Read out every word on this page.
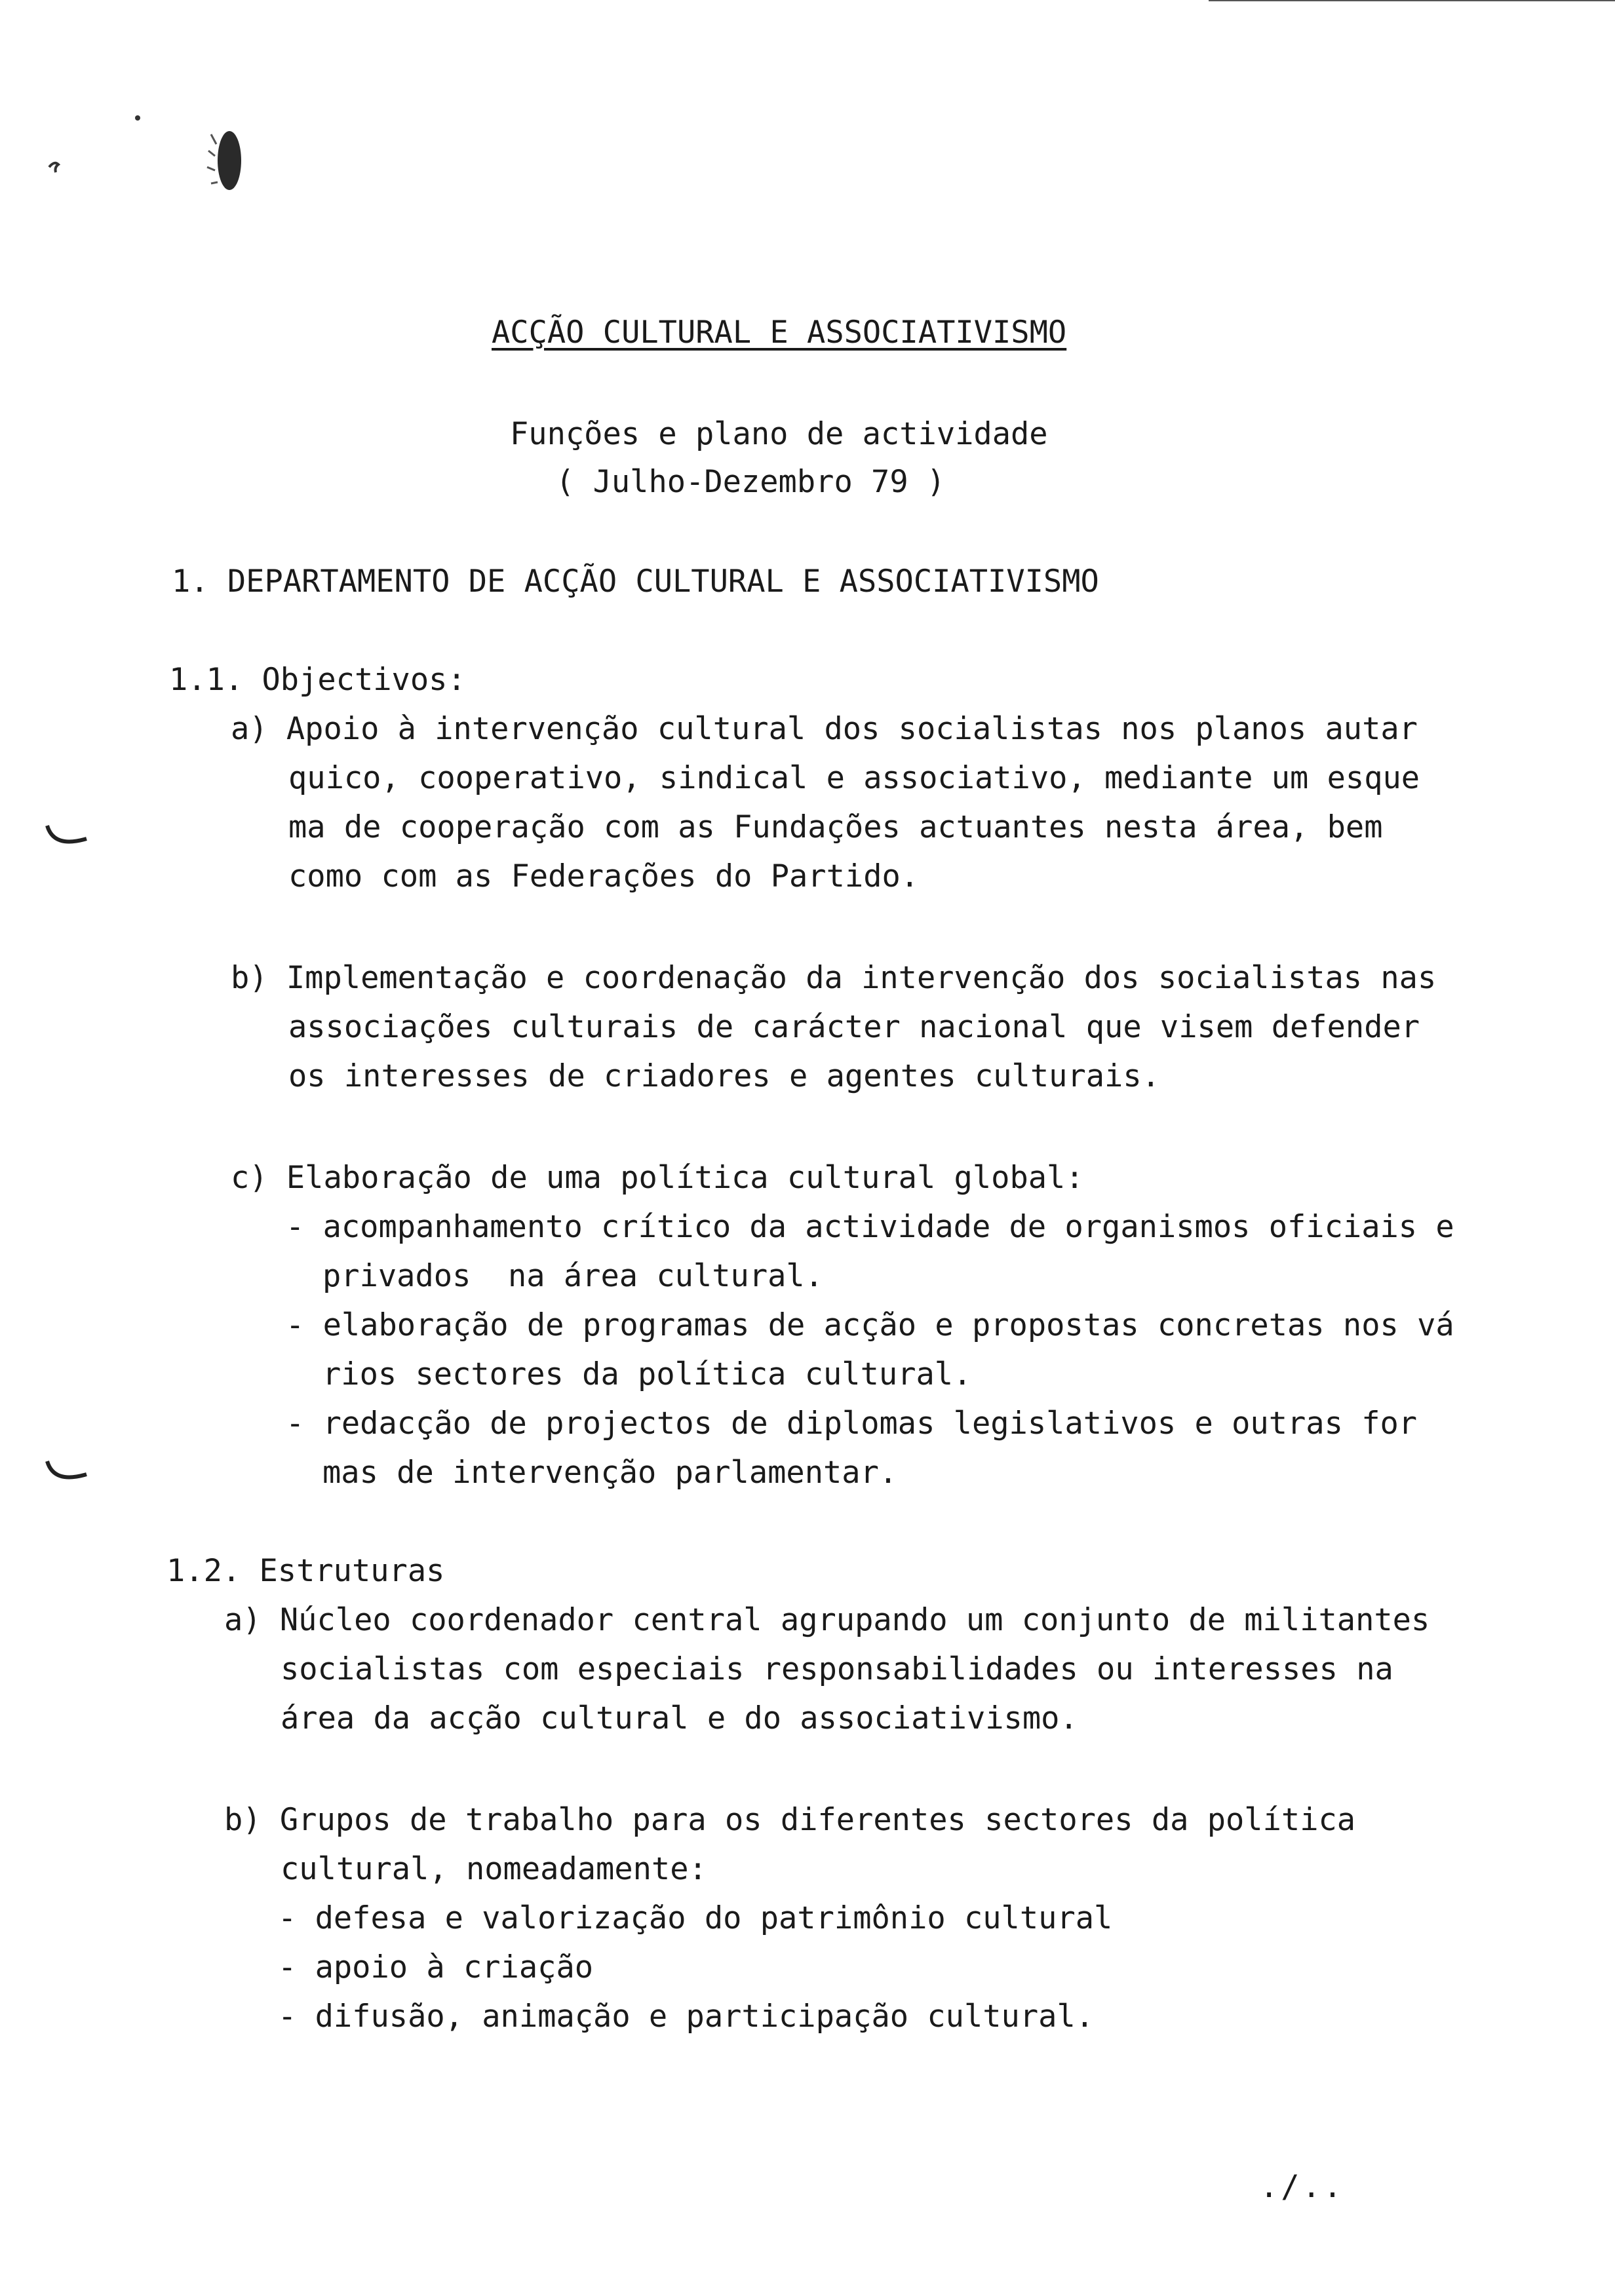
ACÇÃO CULTURAL E ASSOCIATIVISMO
Funções e plano de actividade
( Julho-Dezembro 79 )
1. DEPARTAMENTO DE ACÇÃO CULTURAL E ASSOCIATIVISMO
1.1. Objectivos:
a) Apoio à intervenção cultural dos socialistas nos planos autar
quico, cooperativo, sindical e associativo, mediante um esque
ma de cooperação com as Fundações actuantes nesta área, bem
como com as Federações do Partido.
b) Implementação e coordenação da intervenção dos socialistas nas
associações culturais de carácter nacional que visem defender
os interesses de criadores e agentes culturais.
c) Elaboração de uma política cultural global:
- acompanhamento crítico da actividade de organismos oficiais e
privados  na área cultural.
- elaboração de programas de acção e propostas concretas nos vá
rios sectores da política cultural.
- redacção de projectos de diplomas legislativos e outras for
mas de intervenção parlamentar.
1.2. Estruturas
a) Núcleo coordenador central agrupando um conjunto de militantes
socialistas com especiais responsabilidades ou interesses na
área da acção cultural e do associativismo.
b) Grupos de trabalho para os diferentes sectores da política
cultural, nomeadamente:
- defesa e valorização do patrimônio cultural
- apoio à criação
- difusão, animação e participação cultural.
./..
